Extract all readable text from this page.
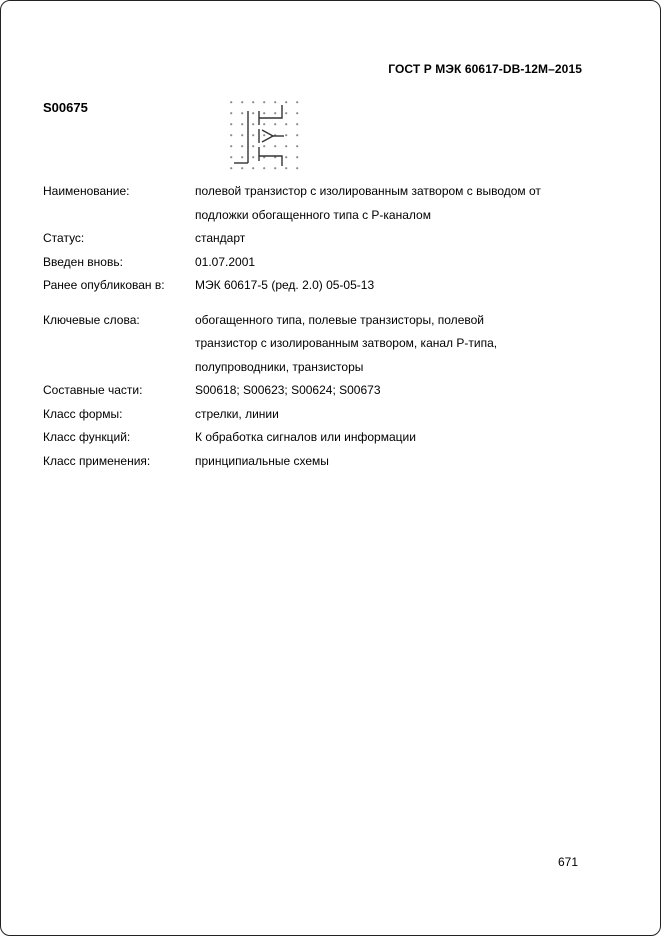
ГОСТ Р МЭК 60617-DB-12M–2015
S00675
Наименование:	полевой транзистор с изолированным затвором с выводом от подложки обогащенного типа с P-каналом
Статус:	стандарт
Введен вновь:	01.07.2001
Ранее опубликован в:	МЭК 60617-5 (ред. 2.0) 05-05-13
Ключевые слова:	обогащенного типа, полевые транзисторы, полевой транзистор с изолированным затвором, канал P-типа, полупроводники, транзисторы
Составные части:	S00618; S00623; S00624; S00673
Класс формы:	стрелки, линии
Класс функций:	К обработка сигналов или информации
Класс применения:	принципиальные схемы
671
